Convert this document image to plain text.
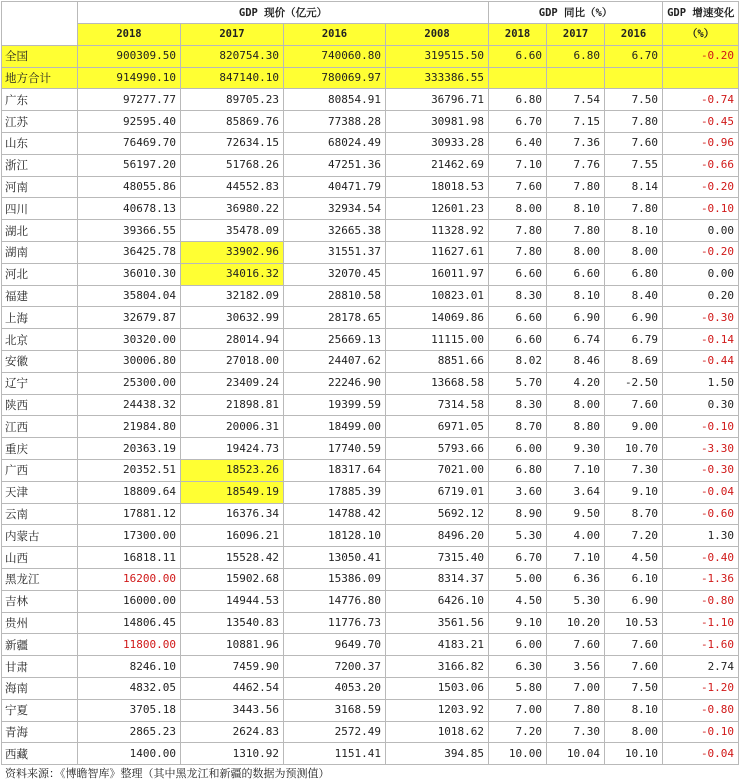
	GDP 现价（亿元）				GDP 同比（%）			GDP 增速变化
	2018	2017	2016	2008	2018	2017	2016	（%）
全国	900309.50	820754.30	740060.80	319515.50	6.60	6.80	6.70	-0.20
地方合计	914990.10	847140.10	780069.97	333386.55				
广东	97277.77	89705.23	80854.91	36796.71	6.80	7.54	7.50	-0.74
江苏	92595.40	85869.76	77388.28	30981.98	6.70	7.15	7.80	-0.45
山东	76469.70	72634.15	68024.49	30933.28	6.40	7.36	7.60	-0.96
浙江	56197.20	51768.26	47251.36	21462.69	7.10	7.76	7.55	-0.66
河南	48055.86	44552.83	40471.79	18018.53	7.60	7.80	8.14	-0.20
四川	40678.13	36980.22	32934.54	12601.23	8.00	8.10	7.80	-0.10
湖北	39366.55	35478.09	32665.38	11328.92	7.80	7.80	8.10	0.00
湖南	36425.78	33902.96	31551.37	11627.61	7.80	8.00	8.00	-0.20
河北	36010.30	34016.32	32070.45	16011.97	6.60	6.60	6.80	0.00
福建	35804.04	32182.09	28810.58	10823.01	8.30	8.10	8.40	0.20
上海	32679.87	30632.99	28178.65	14069.86	6.60	6.90	6.90	-0.30
北京	30320.00	28014.94	25669.13	11115.00	6.60	6.74	6.79	-0.14
安徽	30006.80	27018.00	24407.62	8851.66	8.02	8.46	8.69	-0.44
辽宁	25300.00	23409.24	22246.90	13668.58	5.70	4.20	-2.50	1.50
陕西	24438.32	21898.81	19399.59	7314.58	8.30	8.00	7.60	0.30
江西	21984.80	20006.31	18499.00	6971.05	8.70	8.80	9.00	-0.10
重庆	20363.19	19424.73	17740.59	5793.66	6.00	9.30	10.70	-3.30
广西	20352.51	18523.26	18317.64	7021.00	6.80	7.10	7.30	-0.30
天津	18809.64	18549.19	17885.39	6719.01	3.60	3.64	9.10	-0.04
云南	17881.12	16376.34	14788.42	5692.12	8.90	9.50	8.70	-0.60
内蒙古	17300.00	16096.21	18128.10	8496.20	5.30	4.00	7.20	1.30
山西	16818.11	15528.42	13050.41	7315.40	6.70	7.10	4.50	-0.40
黑龙江	16200.00	15902.68	15386.09	8314.37	5.00	6.36	6.10	-1.36
吉林	16000.00	14944.53	14776.80	6426.10	4.50	5.30	6.90	-0.80
贵州	14806.45	13540.83	11776.73	3561.56	9.10	10.20	10.53	-1.10
新疆	11800.00	10881.96	9649.70	4183.21	6.00	7.60	7.60	-1.60
甘肃	8246.10	7459.90	7200.37	3166.82	6.30	3.56	7.60	2.74
海南	4832.05	4462.54	4053.20	1503.06	5.80	7.00	7.50	-1.20
宁夏	3705.18	3443.56	3168.59	1203.92	7.00	7.80	8.10	-0.80
青海	2865.23	2624.83	2572.49	1018.62	7.20	7.30	8.00	-0.10
西藏	1400.00	1310.92	1151.41	394.85	10.00	10.04	10.10	-0.04
资料来源：《博瞻智库》整理（其中黑龙江和新疆的数据为预测值）
